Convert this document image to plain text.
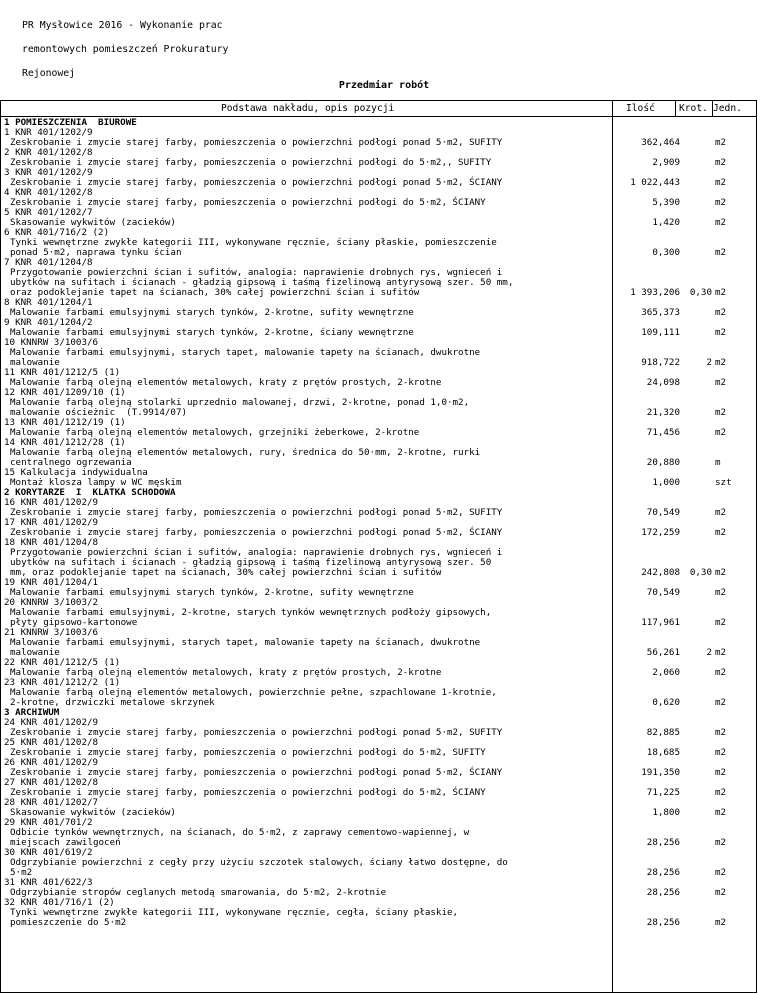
PR Mysłowice 2016 - Wykonanie prac

remontowych pomieszczeń Prokuratury

Rejonowej

Przedmiar robót
Podstawa nakładu, opis pozycji	Ilość	Krot. Jedn.
1 POMIESZCZENIA  BIUROWE
1 KNR 401/1202/9
Zeskrobanie i zmycie starej farby, pomieszczenia o powierzchni podłogi ponad 5·m2, SUFITY	362,464	m2
2 KNR 401/1202/8
Zeskrobanie i zmycie starej farby, pomieszczenia o powierzchni podłogi do 5·m2,, SUFITY	2,909	m2
3 KNR 401/1202/9
Zeskrobanie i zmycie starej farby, pomieszczenia o powierzchni podłogi ponad 5·m2, ŚCIANY	1 022,443	m2
4 KNR 401/1202/8
Zeskrobanie i zmycie starej farby, pomieszczenia o powierzchni podłogi do 5·m2, ŚCIANY	5,390	m2
5 KNR 401/1202/7
Skasowanie wykwitów (zacieków)	1,420	m2
6 KNR 401/716/2 (2)
Tynki wewnętrzne zwykłe kategorii III, wykonywane ręcznie, ściany płaskie, pomieszczenie
ponad 5·m2, naprawa tynku ścian	0,300	m2
7 KNR 401/1204/8
Przygotowanie powierzchni ścian i sufitów, analogia: naprawienie drobnych rys, wgnieceń i
ubytków na sufitach i ścianach - gładzią gipsową i taśmą fizelinową antyrysową szer. 50 mm,
oraz podoklejanie tapet na ścianach, 30% całej powierzchni ścian i sufitów	1 393,206	0,30 m2
8 KNR 401/1204/1
Malowanie farbami emulsyjnymi starych tynków, 2-krotne, sufity wewnętrzne	365,373	m2
9 KNR 401/1204/2
Malowanie farbami emulsyjnymi starych tynków, 2-krotne, ściany wewnętrzne	109,111	m2
10 KNNRW 3/1003/6
Malowanie farbami emulsyjnymi, starych tapet, malowanie tapety na ścianach, dwukrotne
malowanie	918,722	2 m2
11 KNR 401/1212/5 (1)
Malowanie farbą olejną elementów metalowych, kraty z prętów prostych, 2-krotne	24,098	m2
12 KNR 401/1209/10 (1)
Malowanie farbą olejną stolarki uprzednio malowanej, drzwi, 2-krotne, ponad 1,0·m2,
malowanie ościeżnic  (T.9914/07)	21,320	m2
13 KNR 401/1212/19 (1)
Malowanie farbą olejną elementów metalowych, grzejniki żeberkowe, 2-krotne	71,456	m2
14 KNR 401/1212/28 (1)
Malowanie farbą olejną elementów metalowych, rury, średnica do 50·mm, 2-krotne, rurki
centralnego ogrzewania	20,880	m
15 Kalkulacja indywidualna
Montaż klosza lampy w WC męskim	1,000	szt
2 KORYTARZE  I  KLATKA SCHODOWA
16 KNR 401/1202/9
Zeskrobanie i zmycie starej farby, pomieszczenia o powierzchni podłogi ponad 5·m2, SUFITY	70,549	m2
17 KNR 401/1202/9
Zeskrobanie i zmycie starej farby, pomieszczenia o powierzchni podłogi ponad 5·m2, ŚCIANY	172,259	m2
18 KNR 401/1204/8
Przygotowanie powierzchni ścian i sufitów, analogia: naprawienie drobnych rys, wgnieceń i
ubytków na sufitach i ścianach - gładzią gipsową i taśmą fizelinową antyrysową szer. 50
mm, oraz podoklejanie tapet na ścianach, 30% całej powierzchni ścian i sufitów	242,808	0,30 m2
19 KNR 401/1204/1
Malowanie farbami emulsyjnymi starych tynków, 2-krotne, sufity wewnętrzne	70,549	m2
20 KNNRW 3/1003/2
Malowanie farbami emulsyjnymi, 2-krotne, starych tynków wewnętrznych podłoży gipsowych,
płyty gipsowo-kartonowe	117,961	m2
21 KNNRW 3/1003/6
Malowanie farbami emulsyjnymi, starych tapet, malowanie tapety na ścianach, dwukrotne
malowanie	56,261	2 m2
22 KNR 401/1212/5 (1)
Malowanie farbą olejną elementów metalowych, kraty z prętów prostych, 2-krotne	2,060	m2
23 KNR 401/1212/2 (1)
Malowanie farbą olejną elementów metalowych, powierzchnie pełne, szpachlowane 1-krotnie,
2-krotne, drzwiczki metalowe skrzynek	0,620	m2
3 ARCHIWUM
24 KNR 401/1202/9
Zeskrobanie i zmycie starej farby, pomieszczenia o powierzchni podłogi ponad 5·m2, SUFITY	82,885	m2
25 KNR 401/1202/8
Zeskrobanie i zmycie starej farby, pomieszczenia o powierzchni podłogi do 5·m2, SUFITY	18,685	m2
26 KNR 401/1202/9
Zeskrobanie i zmycie starej farby, pomieszczenia o powierzchni podłogi ponad 5·m2, ŚCIANY	191,350	m2
27 KNR 401/1202/8
Zeskrobanie i zmycie starej farby, pomieszczenia o powierzchni podłogi do 5·m2, ŚCIANY	71,225	m2
28 KNR 401/1202/7
Skasowanie wykwitów (zacieków)	1,800	m2
29 KNR 401/701/2
Odbicie tynków wewnętrznych, na ścianach, do 5·m2, z zaprawy cementowo-wapiennej, w
miejscach zawilgoceń	28,256	m2
30 KNR 401/619/2
Odgrzybianie powierzchni z cegły przy użyciu szczotek stalowych, ściany łatwo dostępne, do
5·m2	28,256	m2
31 KNR 401/622/3
Odgrzybianie stropów ceglanych metodą smarowania, do 5·m2, 2-krotnie	28,256	m2
32 KNR 401/716/1 (2)
Tynki wewnętrzne zwykłe kategorii III, wykonywane ręcznie, cegła, ściany płaskie,
pomieszczenie do 5·m2	28,256	m2
